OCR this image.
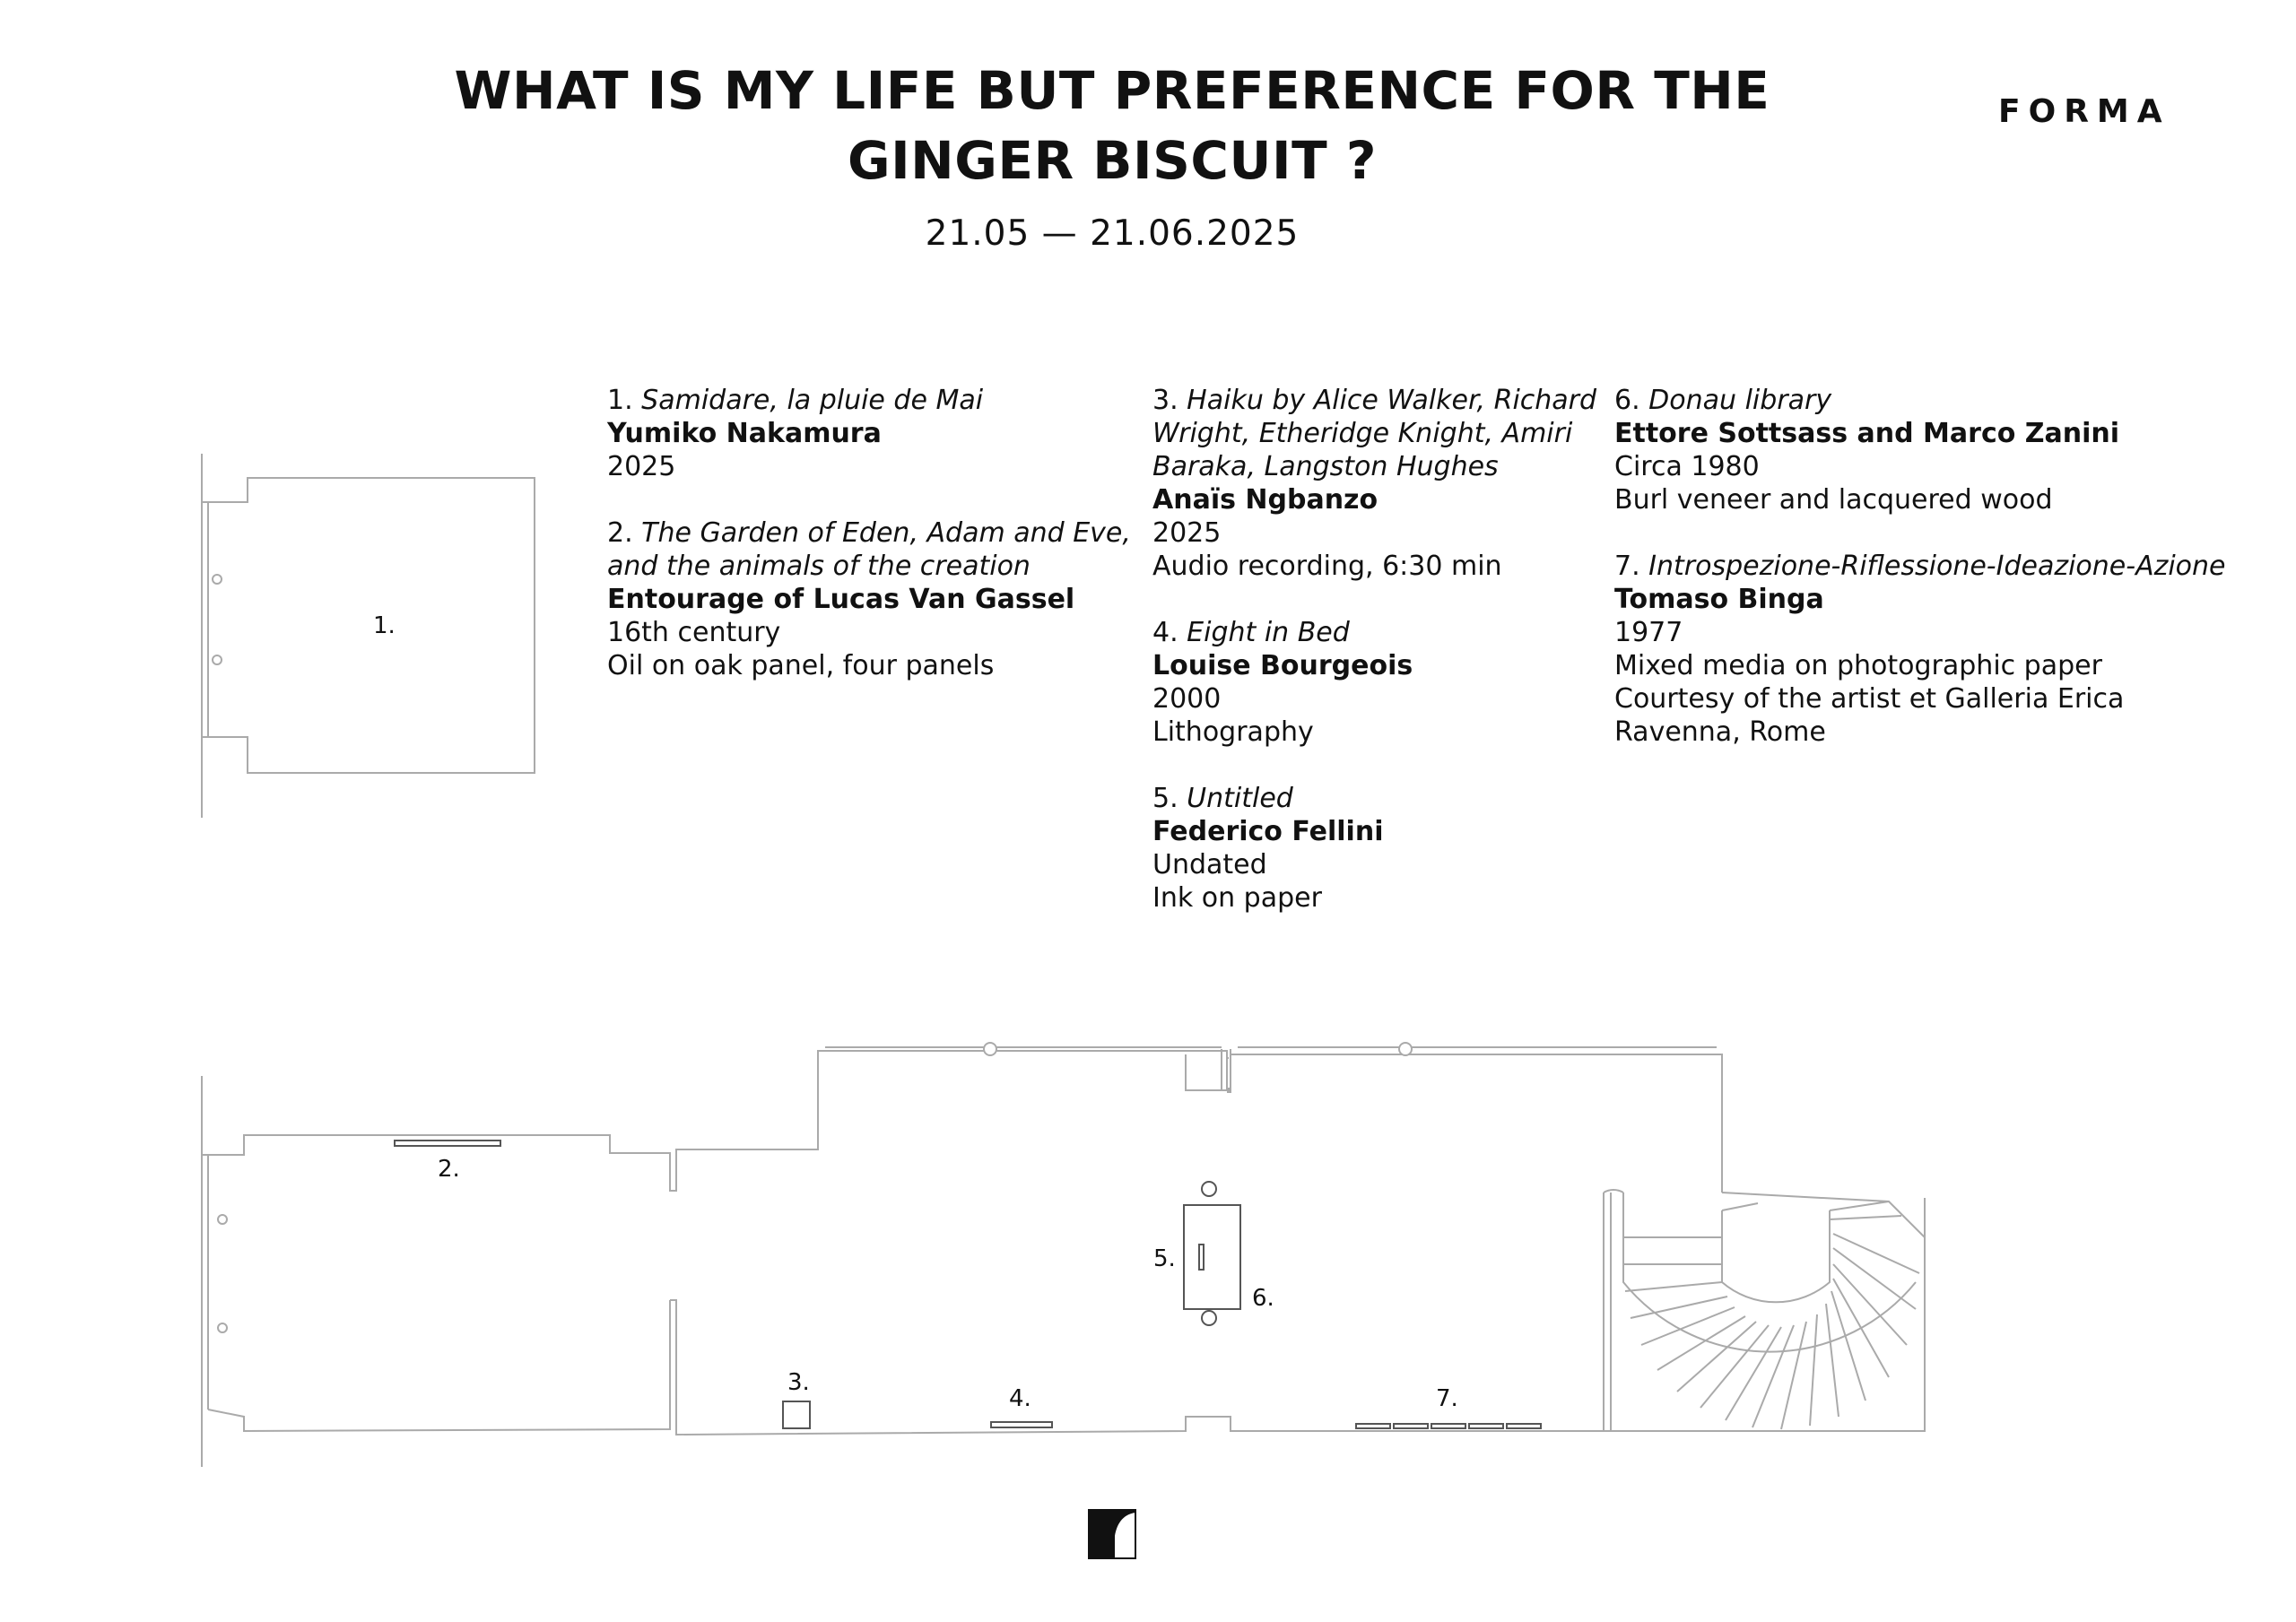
WHAT IS MY LIFE BUT PREFERENCE FOR THE
GINGER BISCUIT ?
21.05 — 21.06.2025
FORMA
1. Samidare, la pluie de Mai
Yumiko Nakamura
2025
2. The Garden of Eden, Adam and Eve,
and the animals of the creation
Entourage of Lucas Van Gassel
16th century
Oil on oak panel, four panels
3. Haiku by Alice Walker, Richard
Wright, Etheridge Knight, Amiri
Baraka, Langston Hughes
Anaïs Ngbanzo
2025
Audio recording, 6:30 min
4. Eight in Bed
Louise Bourgeois
2000
Lithography
5. Untitled
Federico Fellini
Undated
Ink on paper
6. Donau library
Ettore Sottsass and Marco Zanini
Circa 1980
Burl veneer and lacquered wood
7. Introspezione-Riflessione-Ideazione-Azione
Tomaso Binga
1977
Mixed media on photographic paper
Courtesy of the artist et Galleria Erica
Ravenna, Rome
1.
2.
3.
4.
5.
6.
7.
